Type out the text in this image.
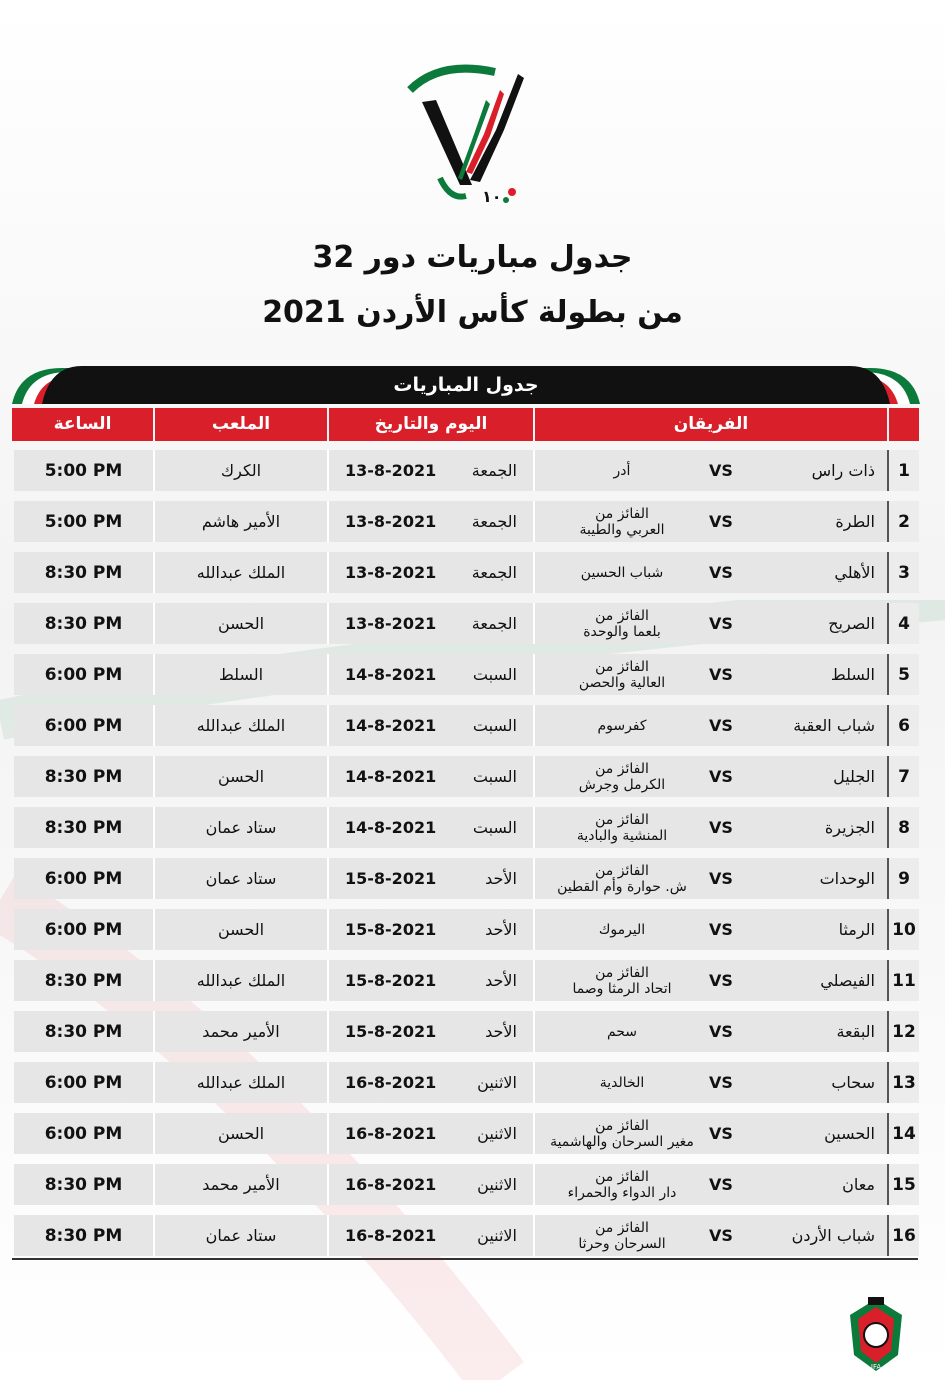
١٠
جدول مباريات دور 32
من بطولة كأس الأردن 2021
جدول المباريات
الفريقان
اليوم والتاريخ
الملعب
الساعة
1
ذات راس
VS
أدر
الجمعة
13-8-2021
الكرك
5:00 PM
2
الطرة
VS
الفائز من
العربي والطيبة
الجمعة
13-8-2021
الأمير هاشم
5:00 PM
3
الأهلي
VS
شباب الحسين
الجمعة
13-8-2021
الملك عبدالله
8:30 PM
4
الصريح
VS
الفائز من
بلعما والوحدة
الجمعة
13-8-2021
الحسن
8:30 PM
5
السلط
VS
الفائز من
العالية والحصن
السبت
14-8-2021
السلط
6:00 PM
6
شباب العقبة
VS
كفرسوم
السبت
14-8-2021
الملك عبدالله
6:00 PM
7
الجليل
VS
الفائز من
الكرمل وجرش
السبت
14-8-2021
الحسن
8:30 PM
8
الجزيرة
VS
الفائز من
المنشية والبادية
السبت
14-8-2021
ستاد عمان
8:30 PM
9
الوحدات
VS
الفائز من
ش. حوارة وأم القطين
الأحد
15-8-2021
ستاد عمان
6:00 PM
10
الرمثا
VS
اليرموك
الأحد
15-8-2021
الحسن
6:00 PM
11
الفيصلي
VS
الفائز من
اتحاد الرمثا وصما
الأحد
15-8-2021
الملك عبدالله
8:30 PM
12
البقعة
VS
سحم
الأحد
15-8-2021
الأمير محمد
8:30 PM
13
سحاب
VS
الخالدية
الاثنين
16-8-2021
الملك عبدالله
6:00 PM
14
الحسين
VS
الفائز من
مغير السرحان والهاشمية
الاثنين
16-8-2021
الحسن
6:00 PM
15
معان
VS
الفائز من
دار الدواء والحمراء
الاثنين
16-8-2021
الأمير محمد
8:30 PM
16
شباب الأردن
VS
الفائز من
السرحان وحرثا
الاثنين
16-8-2021
ستاد عمان
8:30 PM
JFA
